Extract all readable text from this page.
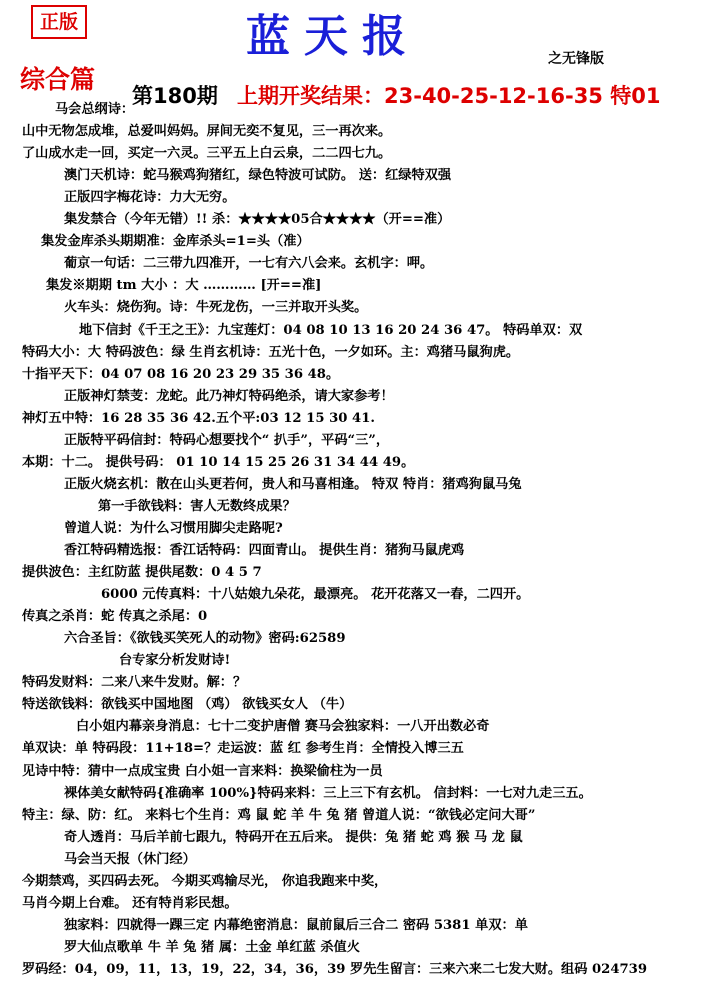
正版	蓝天报	之无锋版
综合篇
第180期 上期开奖结果：23-40-25-12-16-35 特01
马会总纲诗：
山中无物怎成堆，总爱叫妈妈。屏间无奕不复见，三一再次来。
了山成水走一回，买定一六灵。三平五上白云泉，二二四七九。
澳门天机诗：蛇马猴鸡狗猪红，绿色特波可试防。 送：红绿特双强
正版四字梅花诗：力大无穷。
集发禁合（今年无错）!! 杀：★★★★05合★★★★（开==准）
集发金库杀头期期准：金库杀头=1=头（准）
葡京一句话：二三带九四准开，一七有六八会来。玄机字：呷。
集发※期期 tm 大小 ：大 ………… [开==准]
火车头：烧伤狗。诗：牛死龙伤，一三并取开头奖。
地下信封《千王之王》：九宝莲灯：04 08 10 13 16 20 24 36 47。 特码单双：双
特码大小：大 特码波色：绿 生肖玄机诗：五光十色，一夕如环。主：鸡猪马鼠狗虎。
十指平天下：04 07 08 16 20 23 29 35 36 48。
正版神灯禁芰：龙蛇。此乃神灯特码绝杀，请大家参考！
神灯五中特：16 28 35 36 42.五个平:03 12 15 30 41.
正版特平码信封：特码心想要找个“ 扒手”，平码“三”，
本期：十二。 提供号码： 01 10 14 15 25 26 31 34 44 49。
正版火烧玄机：散在山头更若何，贵人和马喜相逢。 特双 特肖：猪鸡狗鼠马兔
第一手欲钱料：害人无数终成果？
曾道人说：为什么习惯用脚尖走路呢?
香江特码精选报：香江话特码：四面青山。 提供生肖：猪狗马鼠虎鸡
提供波色：主红防蓝 提供尾数：0 4 5 7
6000 元传真料：十八姑娘九朵花，最漂亮。 花开花落又一春，二四开。
传真之杀肖：蛇 传真之杀尾：0
六合圣旨：《欲钱买笑死人的动物》密码:62589
台专家分析发财诗!
特码发财料：二来八来牛发财。解：？
特送欲钱料：欲钱买中国地图 （鸡） 欲钱买女人 （牛）
白小姐内幕亲身消息：七十二变护唐僧 赛马会独家料：一八开出数必奇
单双诀：单 特码段：11+18=？走运波：蓝 红 参考生肖：全情投入博三五
见诗中特：猜中一点成宝贵 白小姐一言来料：换梁偷柱为一员
裸体美女献特码{准确率 100%}特码来料：三上三下有玄机。 信封料：一七对九走三五。
特主：绿、防：红。 来料七个生肖：鸡 鼠 蛇 羊 牛 兔 猪 曾道人说：“欲钱必定问大哥”
奇人透肖：马后羊前七跟九，特码开在五后来。 提供：兔 猪 蛇 鸡 猴 马 龙 鼠
马会当天报（休门经）
今期禁鸡，买四码去死。 今期买鸡输尽光， 你追我跑来中奖，
马肖今期上台难。 还有特肖彩民想。
独家料：四就得一踝三定 内幕绝密消息：鼠前鼠后三合二 密码 5381 单双：单
罗大仙点歌单 牛 羊 兔 猪 属：土金 单红蓝 杀值火
罗码经：04，09，11，13，19，22，34，36，39 罗先生留言：三来六来二七发大财。组码 024739
